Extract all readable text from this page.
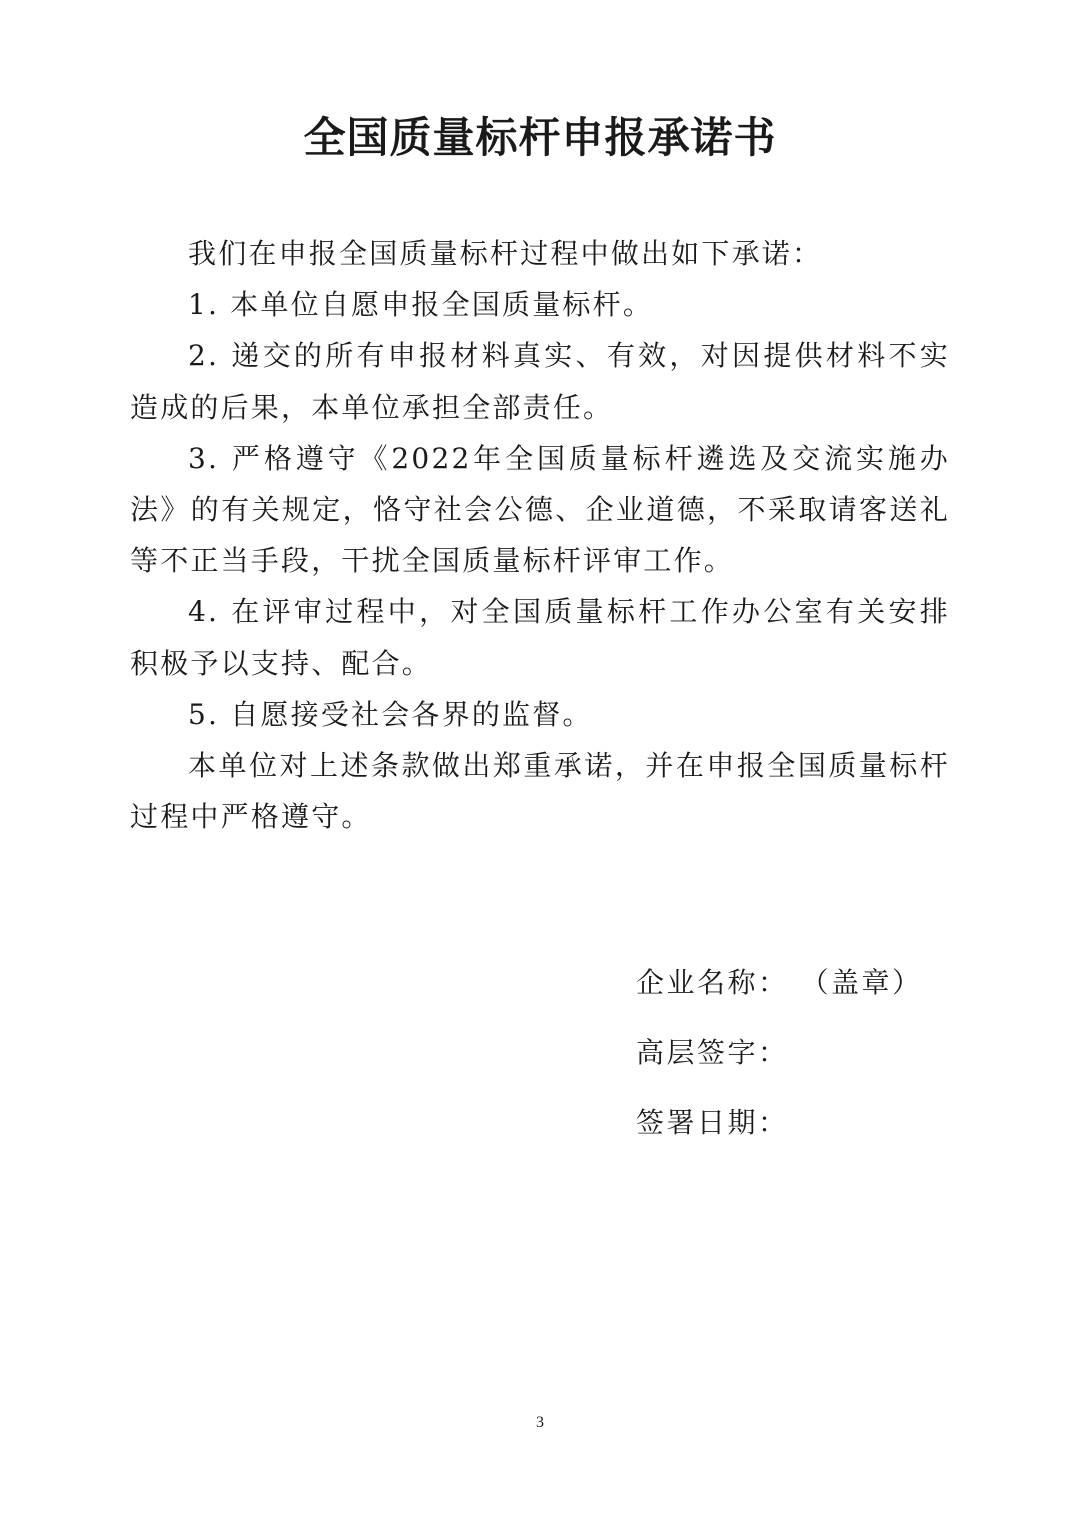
全国质量标杆申报承诺书

我们在申报全国质量标杆过程中做出如下承诺：

1. 本单位自愿申报全国质量标杆。

2. 递交的所有申报材料真实、有效，对因提供材料不实造成的后果，本单位承担全部责任。

3. 严格遵守《2022年全国质量标杆遴选及交流实施办法》的有关规定，恪守社会公德、企业道德，不采取请客送礼等不正当手段，干扰全国质量标杆评审工作。

4. 在评审过程中，对全国质量标杆工作办公室有关安排积极予以支持、配合。

5. 自愿接受社会各界的监督。

本单位对上述条款做出郑重承诺，并在申报全国质量标杆过程中严格遵守。

企业名称： （盖章）
高层签字：
签署日期：
3
